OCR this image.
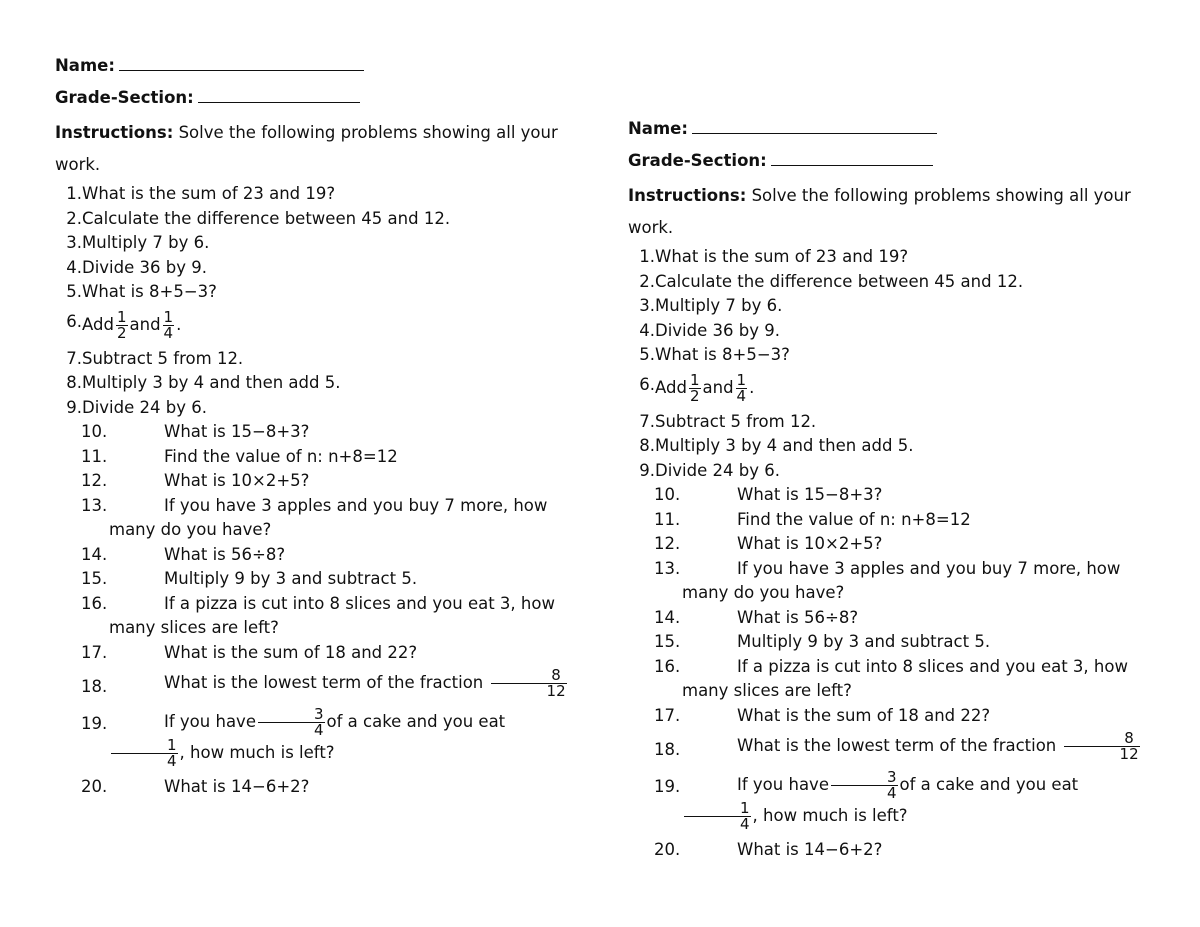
Name:
Grade-Section:

Instructions: Solve the following problems showing all your work.

1. What is the sum of 23 and 19?
2. Calculate the difference between 45 and 12.
3. Multiply 7 by 6.
4. Divide 36 by 9.
5. What is 8+5−3?
6. Add $\frac{1}{2}$ and $\frac{1}{4}$ .
7. Subtract 5 from 12.
8. Multiply 3 by 4 and then add 5.
9. Divide 24 by 6.
10.	What is 15−8+3?
11.	Find the value of n: n+8=12
12.	What is 10×2+5?
13.	If you have 3 apples and you buy 7 more, how many do you have?
14.	What is 56÷8?
15.	Multiply 9 by 3 and subtract 5.
16.	If a pizza is cut into 8 slices and you eat 3, how many slices are left?
17.	What is the sum of 18 and 22?
18.	What is the lowest term of the fraction $\frac{8}{12}$
19.	If you have $\frac{3}{4}$ of a cake and you eat
$\frac{1}{4}$ , how much is left?
20.	What is 14−6+2?
Name:
Grade-Section:

Instructions: Solve the following problems showing all your work.

1. What is the sum of 23 and 19?
2. Calculate the difference between 45 and 12.
3. Multiply 7 by 6.
4. Divide 36 by 9.
5. What is 8+5−3?
6. Add $\frac{1}{2}$ and $\frac{1}{4}$ .
7. Subtract 5 from 12.
8. Multiply 3 by 4 and then add 5.
9. Divide 24 by 6.
10.	What is 15−8+3?
11.	Find the value of n: n+8=12
12.	What is 10×2+5?
13.	If you have 3 apples and you buy 7 more, how many do you have?
14.	What is 56÷8?
15.	Multiply 9 by 3 and subtract 5.
16.	If a pizza is cut into 8 slices and you eat 3, how many slices are left?
17.	What is the sum of 18 and 22?
18.	What is the lowest term of the fraction $\frac{8}{12}$
19.	If you have $\frac{3}{4}$ of a cake and you eat
$\frac{1}{4}$ , how much is left?
20.	What is 14−6+2?
